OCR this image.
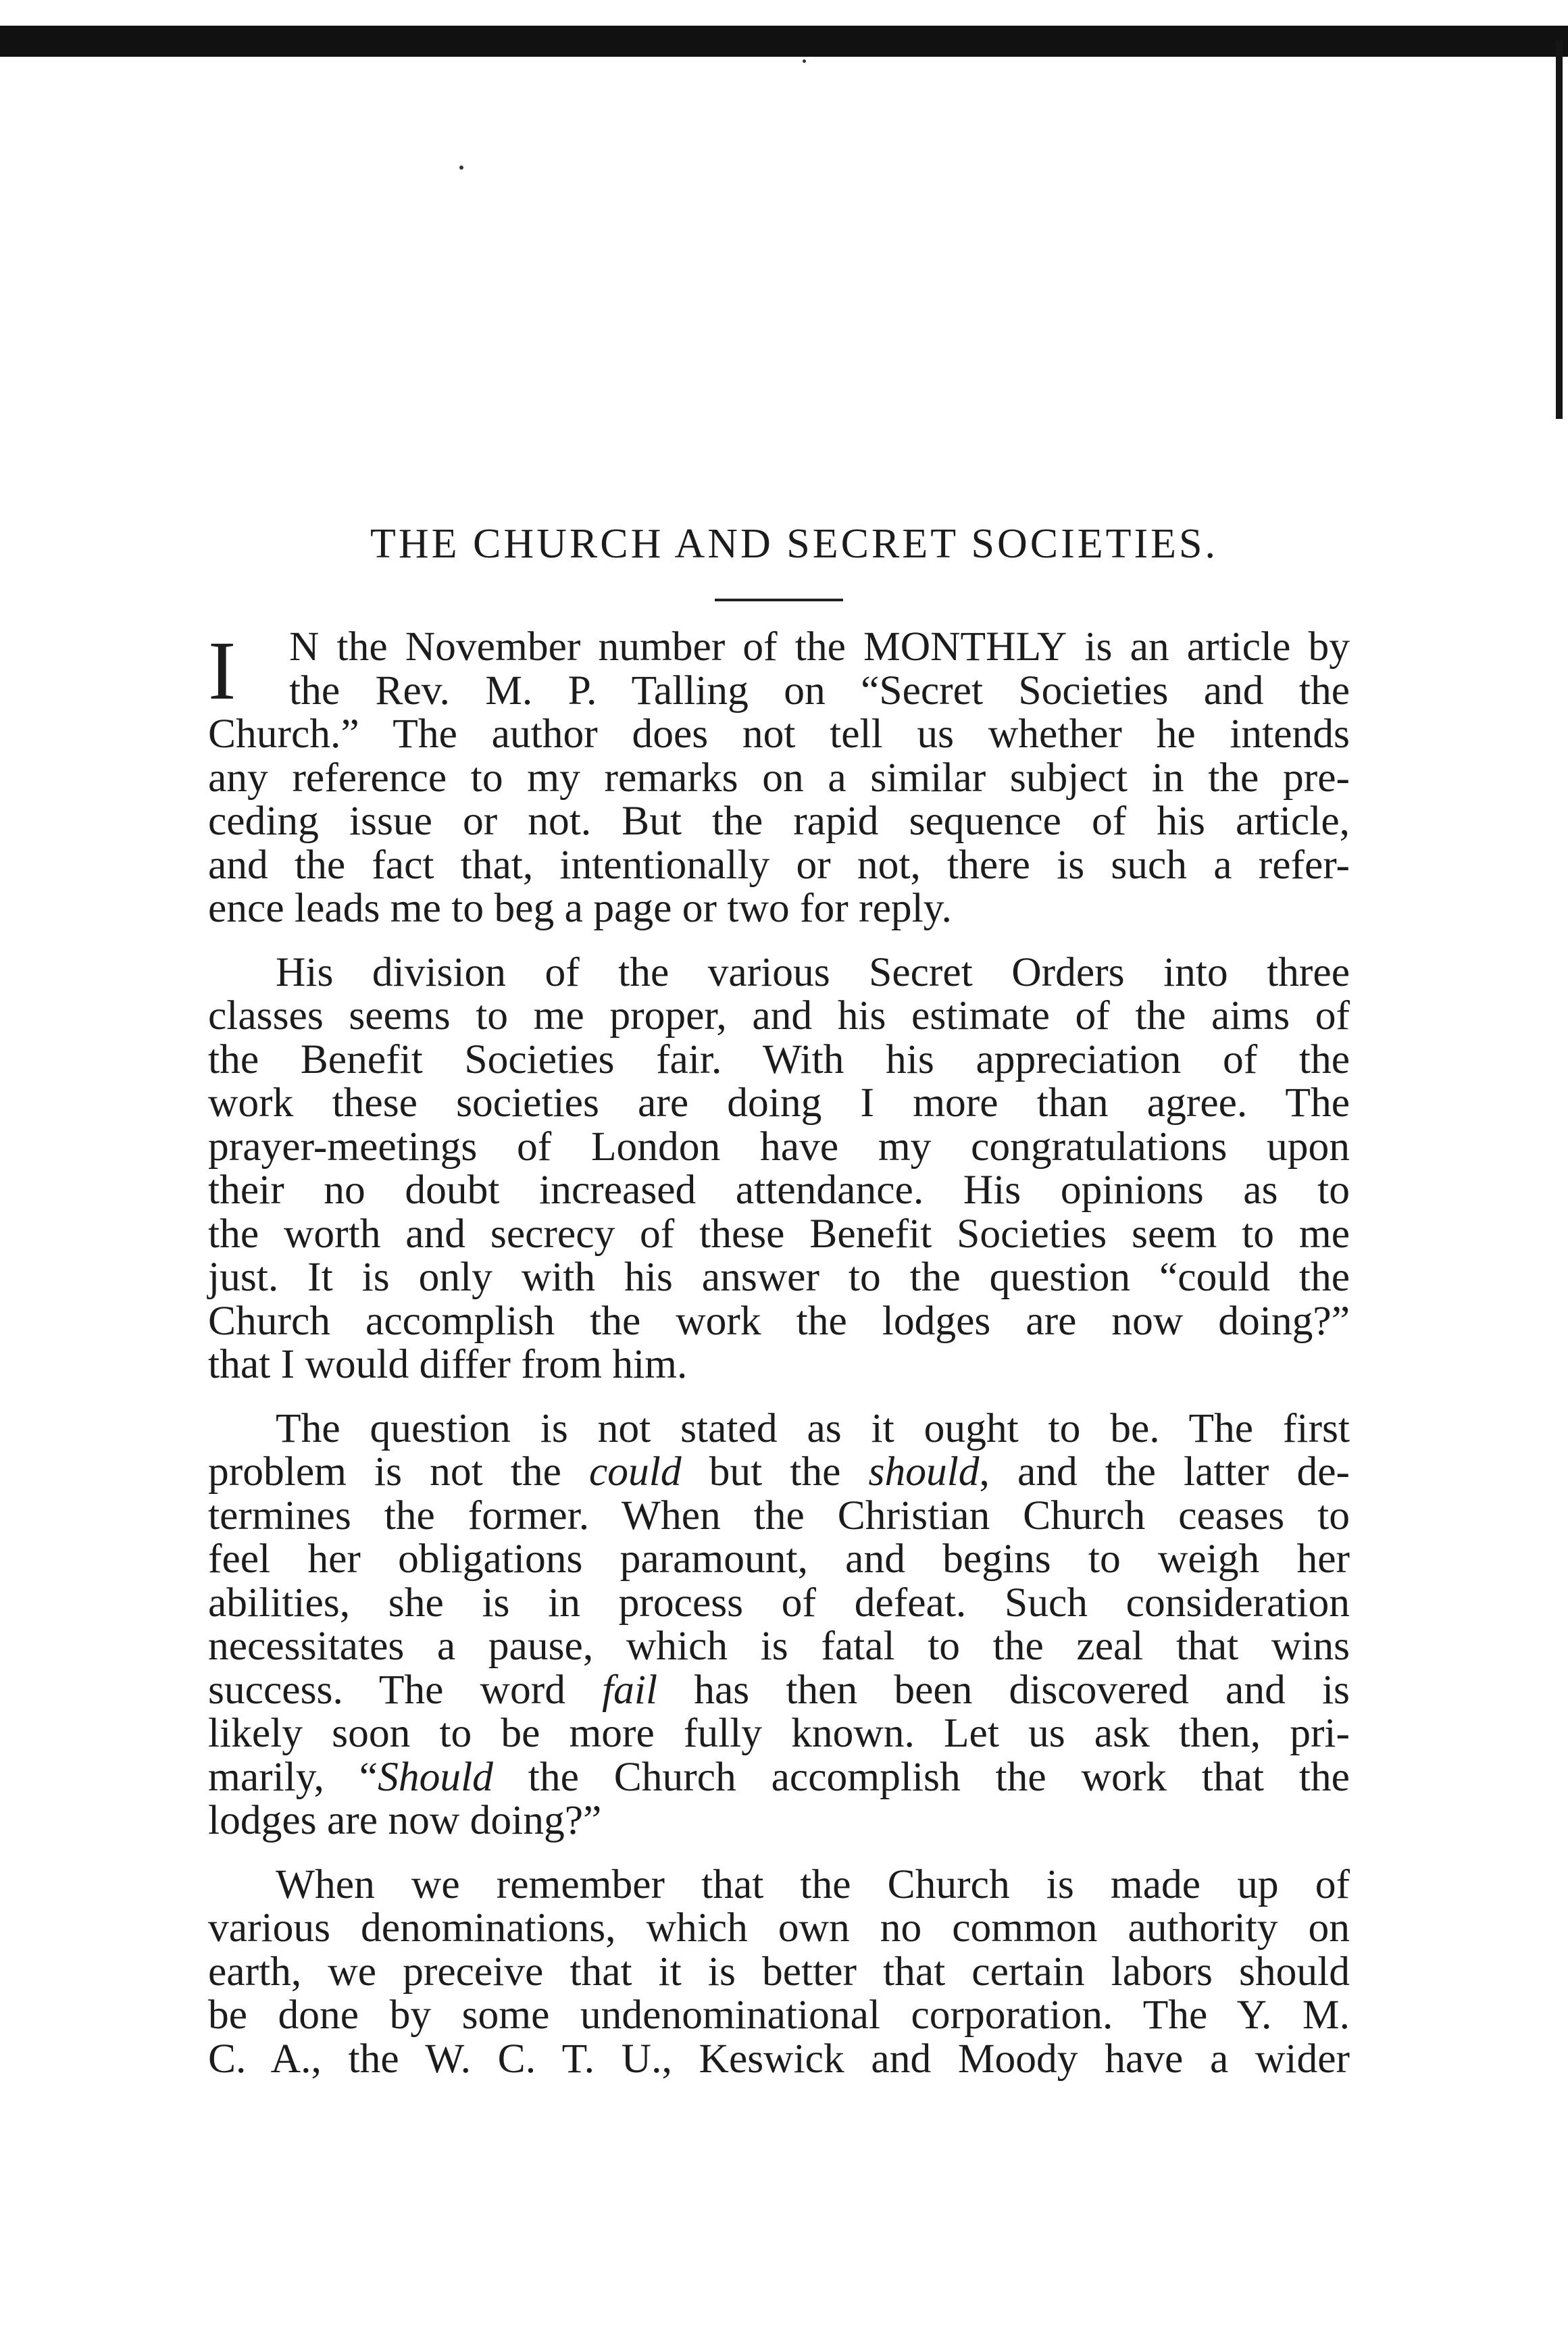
THE CHURCH AND SECRET SOCIETIES.
I	N the November number of the MONTHLY is an article by
the Rev. M. P. Talling on “Secret Societies and the
Church.” The author does not tell us whether he intends
any reference to my remarks on a similar subject in the pre-
ceding issue or not. But the rapid sequence of his article,
and the fact that, intentionally or not, there is such a refer-
ence leads me to beg a page or two for reply.
His division of the various Secret Orders into three
classes seems to me proper, and his estimate of the aims of
the Benefit Societies fair. With his appreciation of the
work these societies are doing I more than agree. The
prayer-meetings of London have my congratulations upon
their no doubt increased attendance. His opinions as to
the worth and secrecy of these Benefit Societies seem to me
just. It is only with his answer to the question “could the
Church accomplish the work the lodges are now doing?”
that I would differ from him.
The question is not stated as it ought to be. The first
problem is not the could but the should, and the latter de-
termines the former. When the Christian Church ceases to
feel her obligations paramount, and begins to weigh her
abilities, she is in process of defeat. Such consideration
necessitates a pause, which is fatal to the zeal that wins
success. The word fail has then been discovered and is
likely soon to be more fully known. Let us ask then, pri-
marily, “Should the Church accomplish the work that the
lodges are now doing?”
When we remember that the Church is made up of
various denominations, which own no common authority on
earth, we preceive that it is better that certain labors should
be done by some undenominational corporation. The Y. M.
C. A., the W. C. T. U., Keswick and Moody have a wider
